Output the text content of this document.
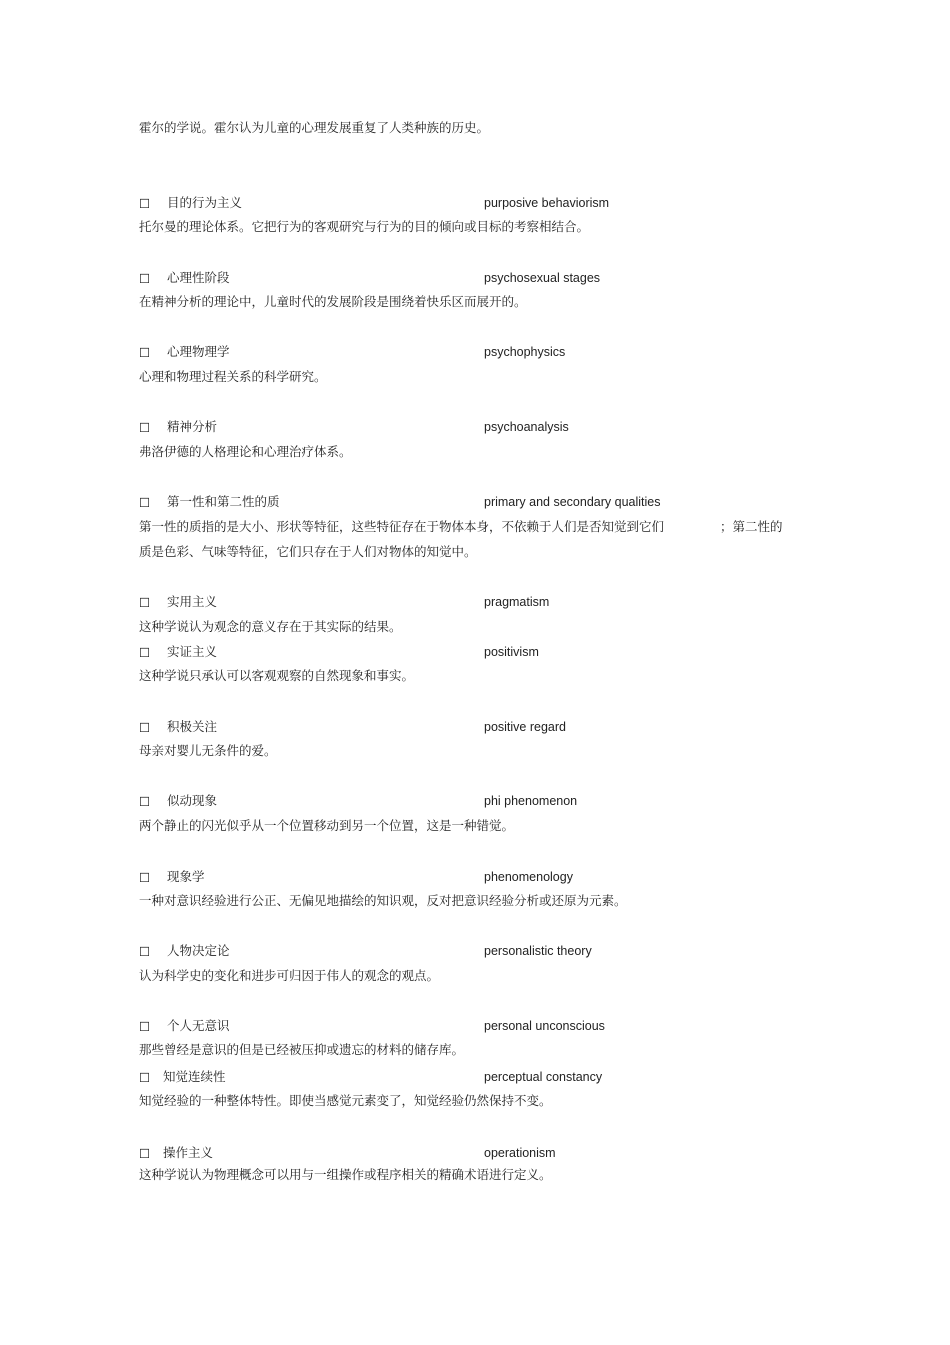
霍尔的学说。霍尔认为儿童的心理发展重复了人类种族的历史。
☐ 目的行为主义	purposive behaviorism
托尔曼的理论体系。它把行为的客观研究与行为的目的倾向或目标的考察相结合。
☐ 心理性阶段	psychosexual stages
在精神分析的理论中，儿童时代的发展阶段是围绕着快乐区而展开的。
☐ 心理物理学	psychophysics
心理和物理过程关系的科学研究。
☐ 精神分析	psychoanalysis
弗洛伊德的人格理论和心理治疗体系。
☐ 第一性和第二性的质	primary and secondary qualities
第一性的质指的是大小、形状等特征，这些特征存在于物体本身，不依赖于人们是否知觉到它们	；第二性的
质是色彩、气味等特征，它们只存在于人们对物体的知觉中。
☐ 实用主义	pragmatism
这种学说认为观念的意义存在于其实际的结果。
☐ 实证主义	positivism
这种学说只承认可以客观观察的自然现象和事实。
☐ 积极关注	positive regard
母亲对婴儿无条件的爱。
☐ 似动现象	phi phenomenon
两个静止的闪光似乎从一个位置移动到另一个位置，这是一种错觉。
☐ 现象学	phenomenology
一种对意识经验进行公正、无偏见地描绘的知识观，反对把意识经验分析或还原为元素。
☐ 人物决定论	personalistic theory
认为科学史的变化和进步可归因于伟人的观念的观点。
☐ 个人无意识	personal unconscious
那些曾经是意识的但是已经被压抑或遗忘的材料的储存库。
☐ 知觉连续性	perceptual constancy
知觉经验的一种整体特性。即使当感觉元素变了，知觉经验仍然保持不变。
☐ 操作主义	operationism
这种学说认为物理概念可以用与一组操作或程序相关的精确术语进行定义。
